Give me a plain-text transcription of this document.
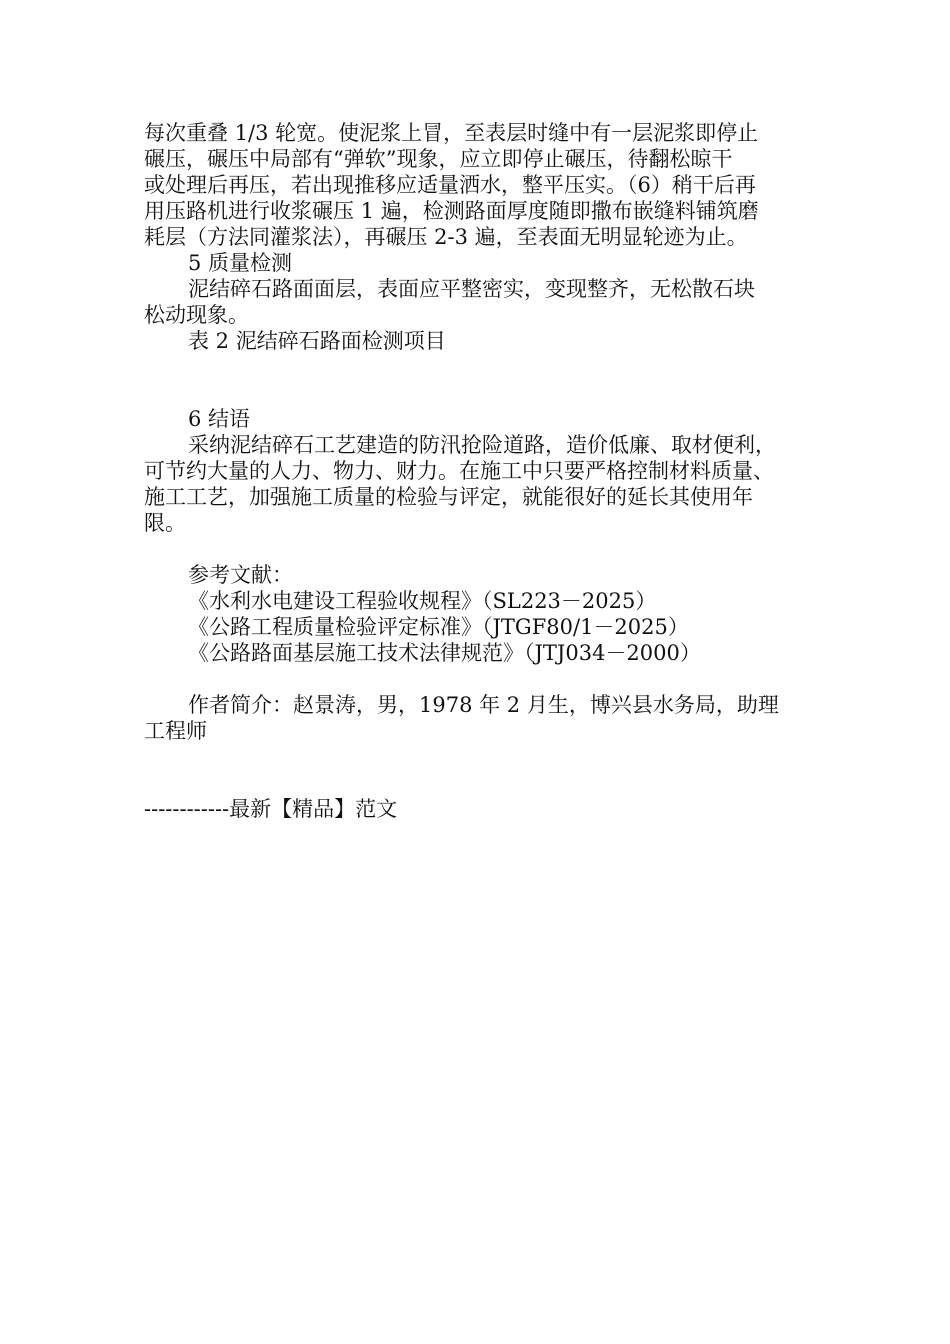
每次重叠 1/3 轮宽。使泥浆上冒，至表层时缝中有一层泥浆即停止
碾压，碾压中局部有“弹软”现象，应立即停止碾压，待翻松晾干
或处理后再压，若出现推移应适量洒水，整平压实。（6）稍干后再
用压路机进行收浆碾压 1 遍，检测路面厚度随即撒布嵌缝料铺筑磨
耗层（方法同灌浆法），再碾压 2-3 遍，至表面无明显轮迹为止。
5 质量检测
泥结碎石路面面层，表面应平整密实，变现整齐，无松散石块
松动现象。
表 2 泥结碎石路面检测项目
6 结语
采纳泥结碎石工艺建造的防汛抢险道路，造价低廉、取材便利，
可节约大量的人力、物力、财力。在施工中只要严格控制材料质量、
施工工艺，加强施工质量的检验与评定，就能很好的延长其使用年
限。
参考文献：
《水利水电建设工程验收规程》（SL223－2025）
《公路工程质量检验评定标准》（JTGF80/1－2025）
《公路路面基层施工技术法律规范》（JTJ034－2000）
作者简介：赵景涛，男，1978 年 2 月生，博兴县水务局，助理
工程师
------------最新【精品】范文
